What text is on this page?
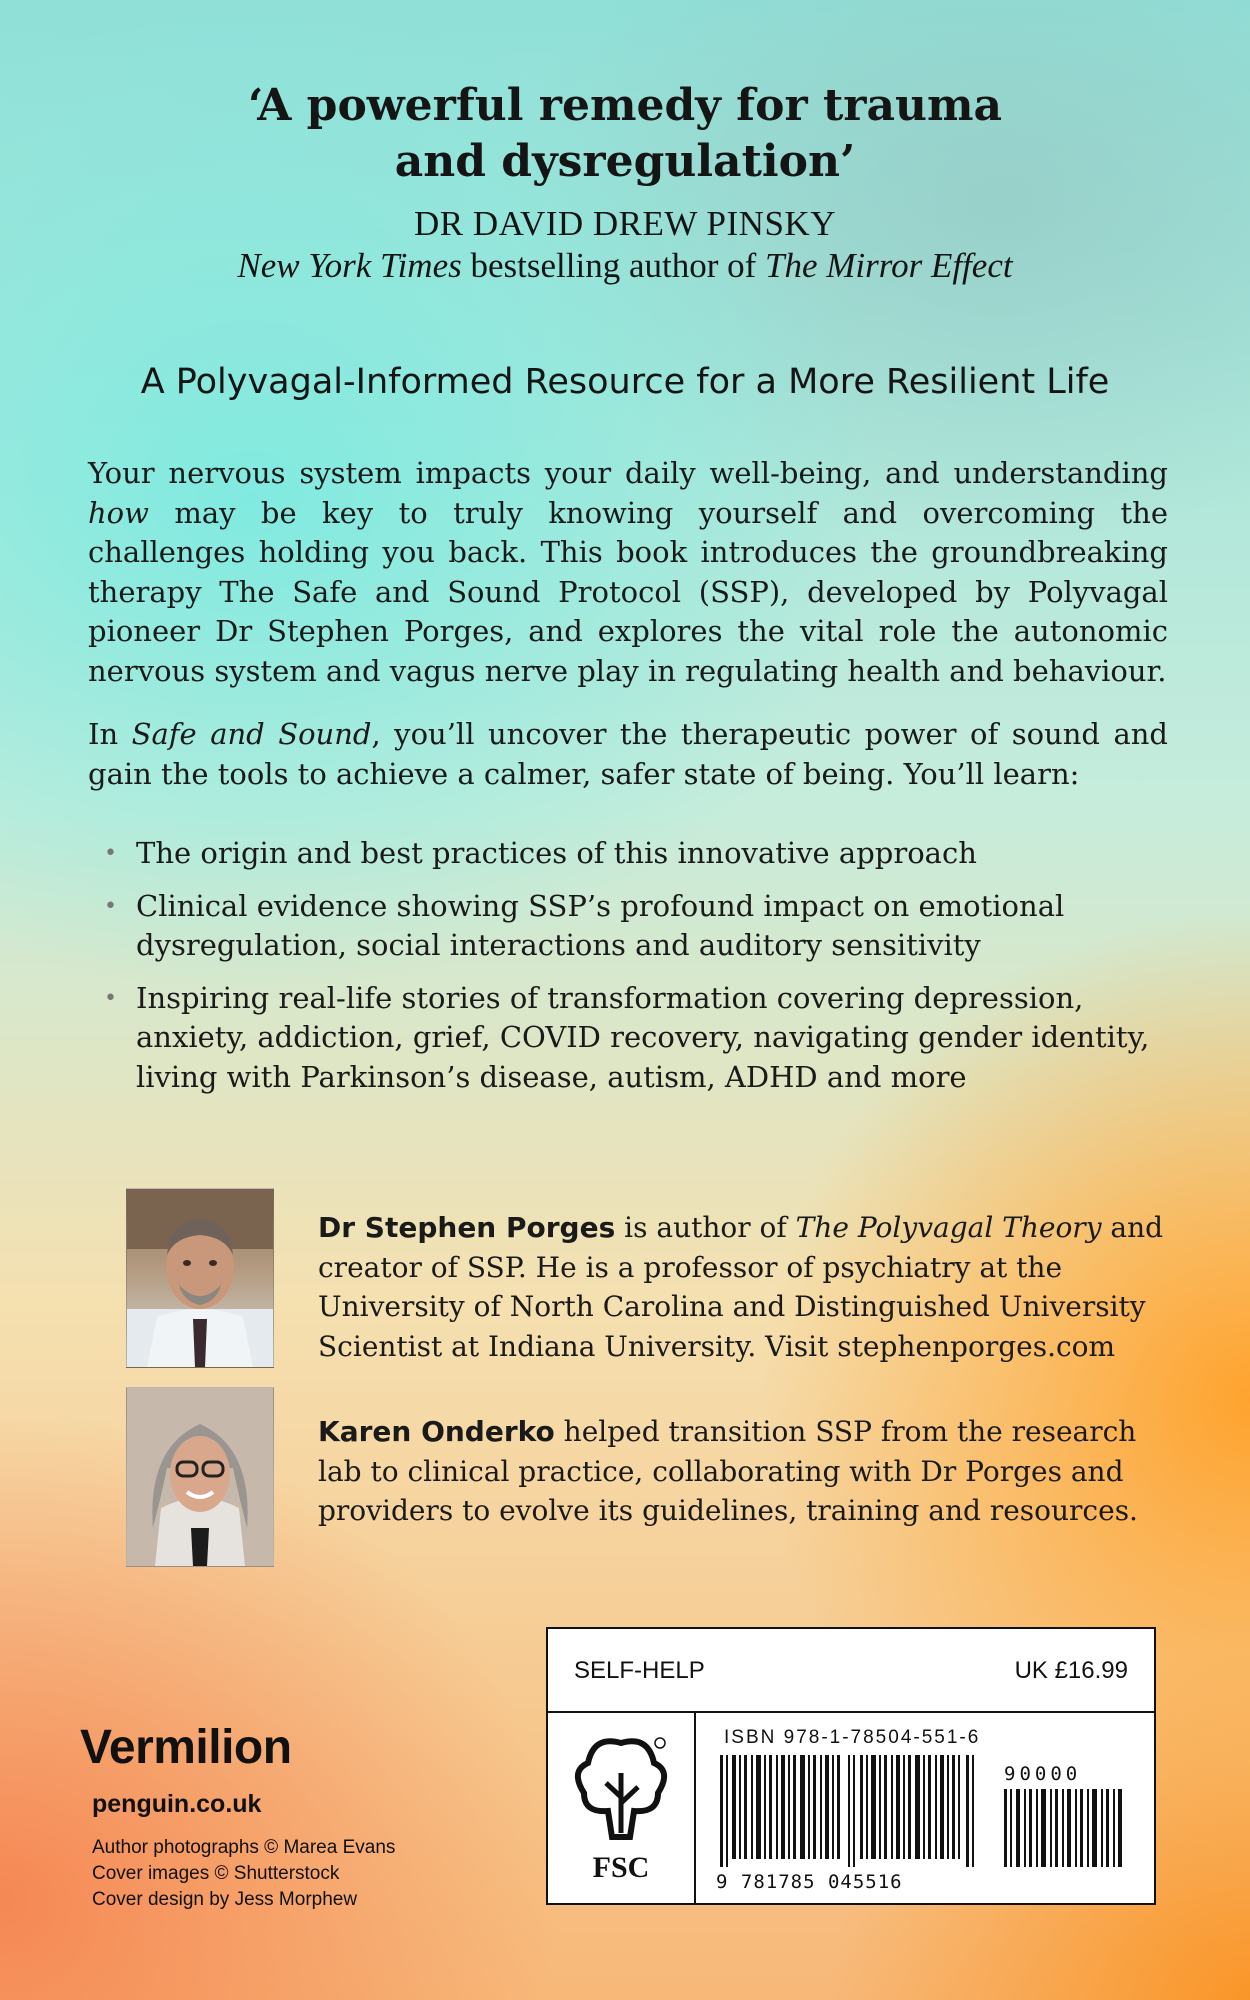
‘A powerful remedy for trauma
and dysregulation’
DR DAVID DREW PINSKY
New York Times bestselling author of The Mirror Effect
A Polyvagal-Informed Resource for a More Resilient Life
Your nervous system impacts your daily well-being, and understanding how may be key to truly knowing yourself and overcoming the challenges holding you back. This book introduces the groundbreaking therapy The Safe and Sound Protocol (SSP), developed by Polyvagal pioneer Dr Stephen Porges, and explores the vital role the autonomic nervous system and vagus nerve play in regulating health and behaviour.
In Safe and Sound, you’ll uncover the therapeutic power of sound and gain the tools to achieve a calmer, safer state of being. You’ll learn:
• The origin and best practices of this innovative approach
• Clinical evidence showing SSP’s profound impact on emotional dysregulation, social interactions and auditory sensitivity
• Inspiring real-life stories of transformation covering depression, anxiety, addiction, grief, COVID recovery, navigating gender identity, living with Parkinson’s disease, autism, ADHD and more
Dr Stephen Porges is author of The Polyvagal Theory and creator of SSP. He is a professor of psychiatry at the University of North Carolina and Distinguished University Scientist at Indiana University. Visit stephenporges.com
Karen Onderko helped transition SSP from the research lab to clinical practice, collaborating with Dr Porges and providers to evolve its guidelines, training and resources.
Vermilion
penguin.co.uk
Author photographs © Marea Evans
Cover images © Shutterstock
Cover design by Jess Morphew
SELF-HELP	UK £16.99
FSC
ISBN 978-1-78504-551-6
90000
9 781785 045516
